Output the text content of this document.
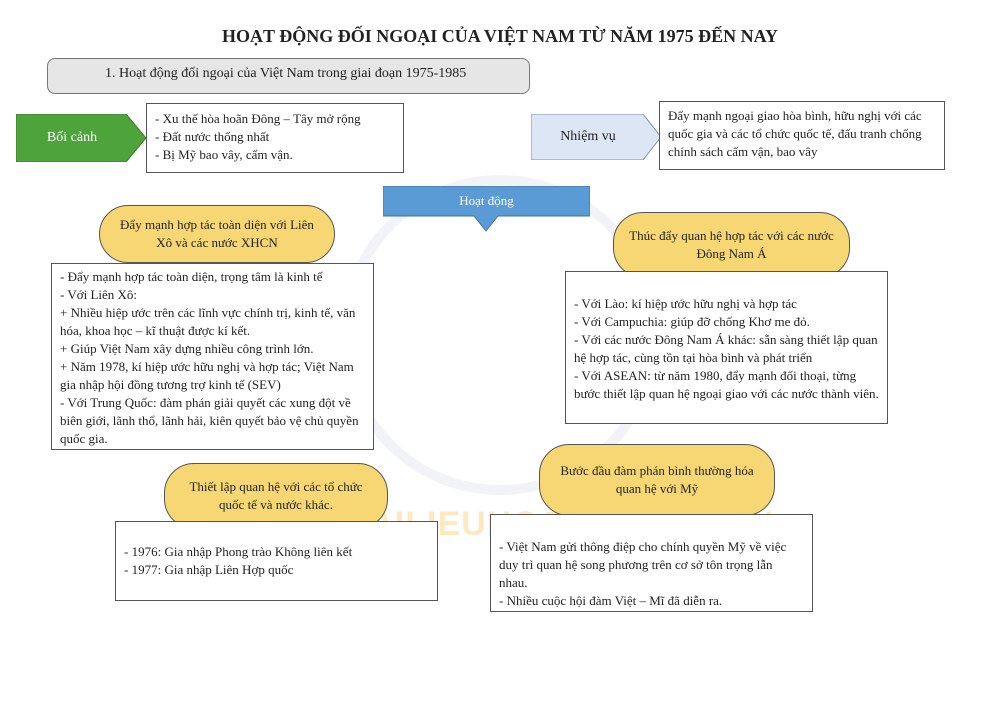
HOẠT ĐỘNG ĐỐI NGOẠI CỦA VIỆT NAM TỪ NĂM 1975 ĐẾN NAY
1. Hoạt động đối ngoại của Việt Nam trong giai đoạn 1975-1985
Bối cảnh
- Xu thế hòa hoãn Đông – Tây mở rộng
- Đất nước thống nhất
- Bị Mỹ bao vây, cấm vận.
Nhiệm vụ
Đẩy mạnh ngoại giao hòa bình, hữu nghị với các quốc gia và các tổ chức quốc tế, đấu tranh chống chính sách cấm vận, bao vây
Hoạt động
Đẩy mạnh hợp tác toàn diện với Liên Xô và các nước XHCN
- Đẩy mạnh hợp tác toàn diện, trọng tâm là kinh tế
- Với Liên Xô:
+ Nhiều hiệp ước trên các lĩnh vực chính trị, kinh tế, văn hóa, khoa học – kĩ thuật được kí kết.
+ Giúp Việt Nam xây dựng nhiều công trình lớn.
+ Năm 1978, kí hiệp ước hữu nghị và hợp tác; Việt Nam gia nhập hội đồng tương trợ kinh tế (SEV)
- Với Trung Quốc: đàm phán giải quyết các xung đột về biên giới, lãnh thổ, lãnh hải, kiên quyết bảo vệ chủ quyền quốc gia.
Thúc đẩy quan hệ hợp tác với các nước Đông Nam Á
- Với Lào: kí hiệp ước hữu nghị và hợp tác
- Với Campuchia: giúp đỡ chống Khơ me đỏ.
- Với các nước Đông Nam Á khác: sẵn sàng thiết lập quan hệ hợp tác, cùng tồn tại hòa bình và phát triển
- Với ASEAN: từ năm 1980, đẩy mạnh đối thoại, từng bước thiết lập quan hệ ngoại giao với các nước thành viên.
Thiết lập quan hệ với các tổ chức quốc tế và nước khác.
- 1976: Gia nhập Phong trào Không liên kết
- 1977: Gia nhập Liên Hợp quốc
Bước đầu đàm phán bình thường hóa quan hệ với Mỹ
- Việt Nam gửi thông điệp cho chính quyền Mỹ về việc duy trì quan hệ song phương trên cơ sở tôn trọng lẫn nhau.
- Nhiều cuộc hội đàm Việt – Mĩ đã diễn ra.
